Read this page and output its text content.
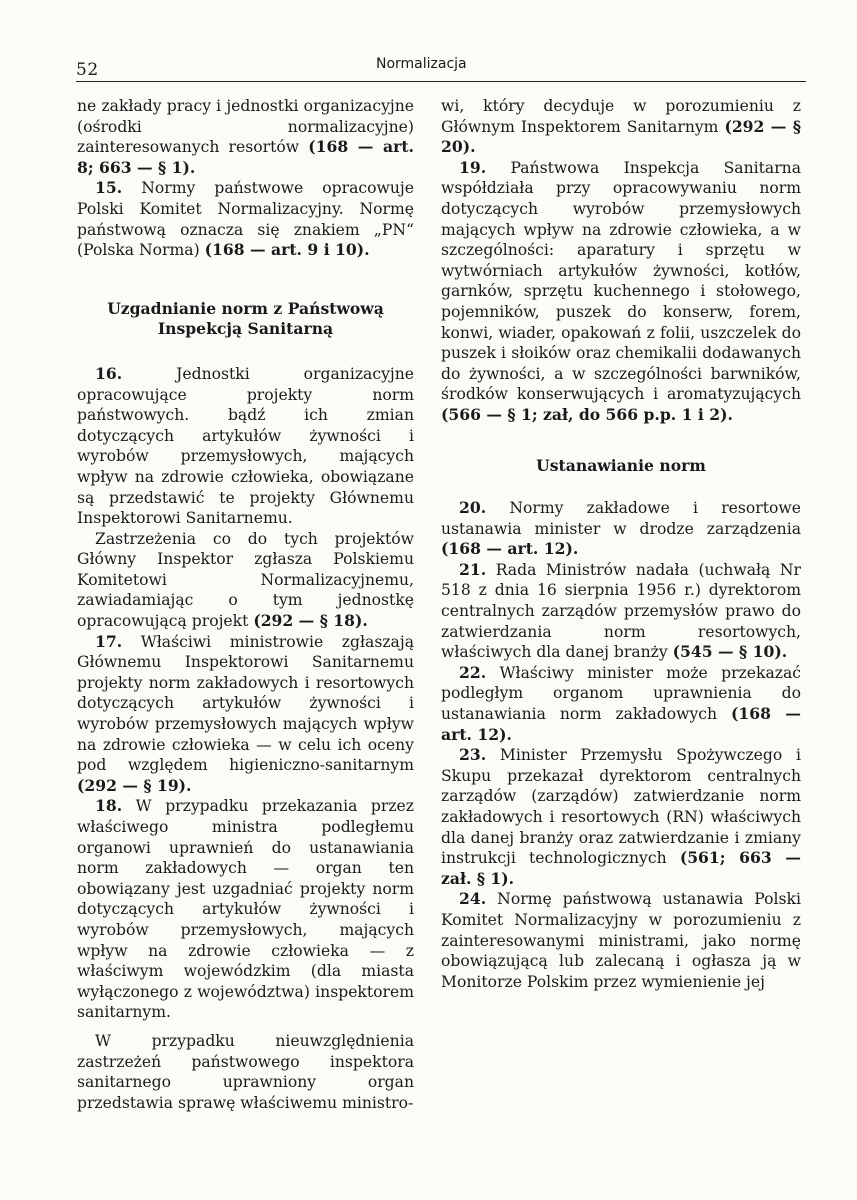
52	Normalizacja

ne zakłady pracy i jednostki organizacyjne (ośrodki normalizacyjne) zainteresowanych resortów (168 — art. 8; 663 — § 1).

15. Normy państwowe opracowuje Polski Komitet Normalizacyjny. Normę państwową oznacza się znakiem „PN“ (Polska Norma) (168 — art. 9 i 10).

Uzgadnianie norm z Państwową Inspekcją Sanitarną

16.	Jednostki organizacyjne opracowujące projekty norm państwowych. bądź ich zmian dotyczących artykułów żywności i wyrobów przemysłowych, mających wpływ na zdrowie człowieka, obowiązane są przedstawić te projekty Głównemu Inspektorowi Sanitarnemu.

Zastrzeżenia co do tych projektów Główny Inspektor zgłasza Polskiemu Komitetowi Normalizacyjnemu, zawiadamiając o tym jednostkę opracowującą projekt (292 — § 18).

17. Właściwi ministrowie zgłaszają Głównemu Inspektorowi Sanitarnemu projekty norm zakładowych i resortowych dotyczących artykułów żywności i wyrobów przemysłowych mających wpływ na zdrowie człowieka — w celu ich oceny pod względem higieniczno-sanitarnym (292 — § 19).

18. W przypadku przekazania przez właściwego ministra podległemu organowi uprawnień do ustanawiania norm zakładowych — organ ten obowiązany jest uzgadniać projekty norm dotyczących artykułów żywności i wyrobów przemysłowych, mających wpływ na zdrowie człowieka — z właściwym wojewódzkim (dla miasta wyłączonego z województwa) inspektorem sanitarnym.

W przypadku nieuwzględnienia zastrzeżeń państwowego inspektora sanitarnego uprawniony organ przedstawia sprawę właściwemu ministro-

wi, który decyduje w porozumieniu z Głównym Inspektorem Sanitarnym (292 — § 20).

19. Państwowa Inspekcja Sanitarna współdziała przy opracowywaniu norm dotyczących wyrobów przemysłowych mających wpływ na zdrowie człowieka, a w szczególności: aparatury i sprzętu w wytwórniach artykułów żywności, kotłów, garnków, sprzętu kuchennego i stołowego, pojemników, puszek do konserw, forem, konwi, wiader, opakowań z folii, uszczelek do puszek i słoików oraz chemikalii dodawanych do żywności, a w szczególności barwników, środków konserwujących i aromatyzujących (566 — § 1; zał, do 566 p.p. 1 i 2).

Ustanawianie norm

20. Normy zakładowe i resortowe ustanawia minister w drodze zarządzenia (168 — art. 12).

21. Rada Ministrów nadała (uchwałą Nr 518 z dnia 16 sierpnia 1956 r.) dyrektorom centralnych zarządów przemysłów prawo do zatwierdzania norm resortowych, właściwych dla danej branży (545 — § 10).

22. Właściwy minister może przekazać podległym organom uprawnienia do ustanawiania norm zakładowych (168 — art. 12).

23. Minister Przemysłu Spożywczego i Skupu przekazał dyrektorom centralnych zarządów (zarządów) zatwierdzanie norm zakładowych i resortowych (RN) właściwych dla danej branży oraz zatwierdzanie i zmiany instrukcji technologicznych (561; 663 — zał. § 1).

24. Normę państwową ustanawia Polski Komitet Normalizacyjny w porozumieniu z zainteresowanymi ministrami, jako normę obowiązującą lub zalecaną i ogłasza ją w Monitorze Polskim przez wymienienie jej
